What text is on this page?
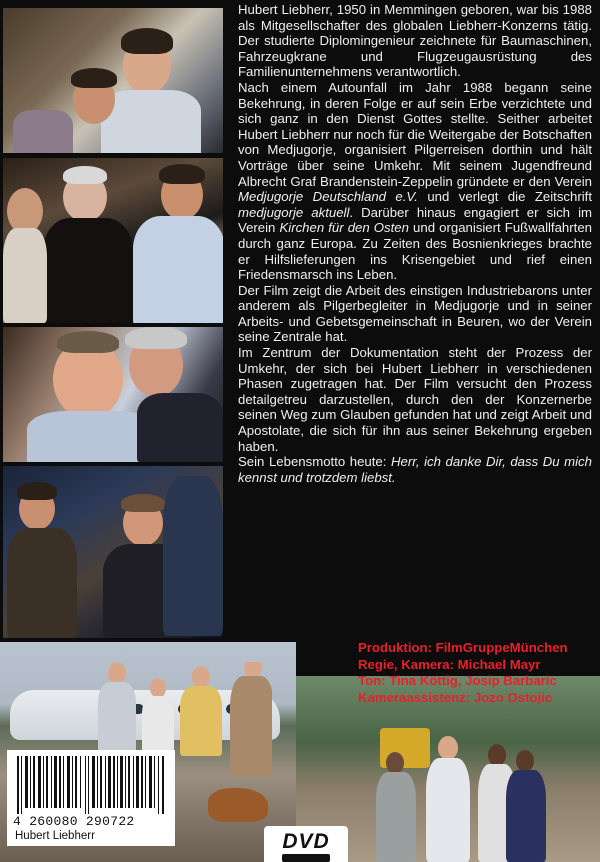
Hubert Liebherr, 1950 in Memmingen geboren, war bis 1988 als Mitgesellschafter des globalen Liebherr-Konzerns tätig. Der studierte Diplomingenieur zeichnete für Baumaschinen, Fahrzeugkrane und Flugzeugausrüstung des Familienunternehmens verantwortlich.

Nach einem Autounfall im Jahr 1988 begann seine Bekehrung, in deren Folge er auf sein Erbe verzichtete und sich ganz in den Dienst Gottes stellte. Seither arbeitet Hubert Liebherr nur noch für die Weitergabe der Botschaften von Medjugorje, organisiert Pilgerreisen dorthin und hält Vorträge über seine Umkehr. Mit seinem Jugendfreund Albrecht Graf Brandenstein-Zeppelin gründete er den Verein Medjugorje Deutschland e.V. und verlegt die Zeitschrift medjugorje aktuell. Darüber hinaus engagiert er sich im Verein Kirchen für den Osten und organisiert Fußwallfahrten durch ganz Europa. Zu Zeiten des Bosnienkrieges brachte er Hilfslieferungen ins Krisengebiet und rief einen Friedensmarsch ins Leben.

Der Film zeigt die Arbeit des einstigen Industriebarons unter anderem als Pilgerbegleiter in Medjugorje und in seiner Arbeits- und Gebetsgemeinschaft in Beuren, wo der Verein seine Zentrale hat.

Im Zentrum der Dokumentation steht der Prozess der Umkehr, der sich bei Hubert Liebherr in verschiedenen Phasen zugetragen hat. Der Film versucht den Prozess detailgetreu darzustellen, durch den der Konzernerbe seinen Weg zum Glauben gefunden hat und zeigt Arbeit und Apostolate, die sich für ihn aus seiner Bekehrung ergeben haben.

Sein Lebensmotto heute: Herr, ich danke Dir, dass Du mich kennst und trotzdem liebst.

Produktion: FilmGruppeMünchen
Regie, Kamera: Michael Mayr
Ton: Tina Köttig, Josip Barbaric
Kameraassistenz: Jozo Ostojic
4 260080 290722
Hubert Liebherr	DVD
